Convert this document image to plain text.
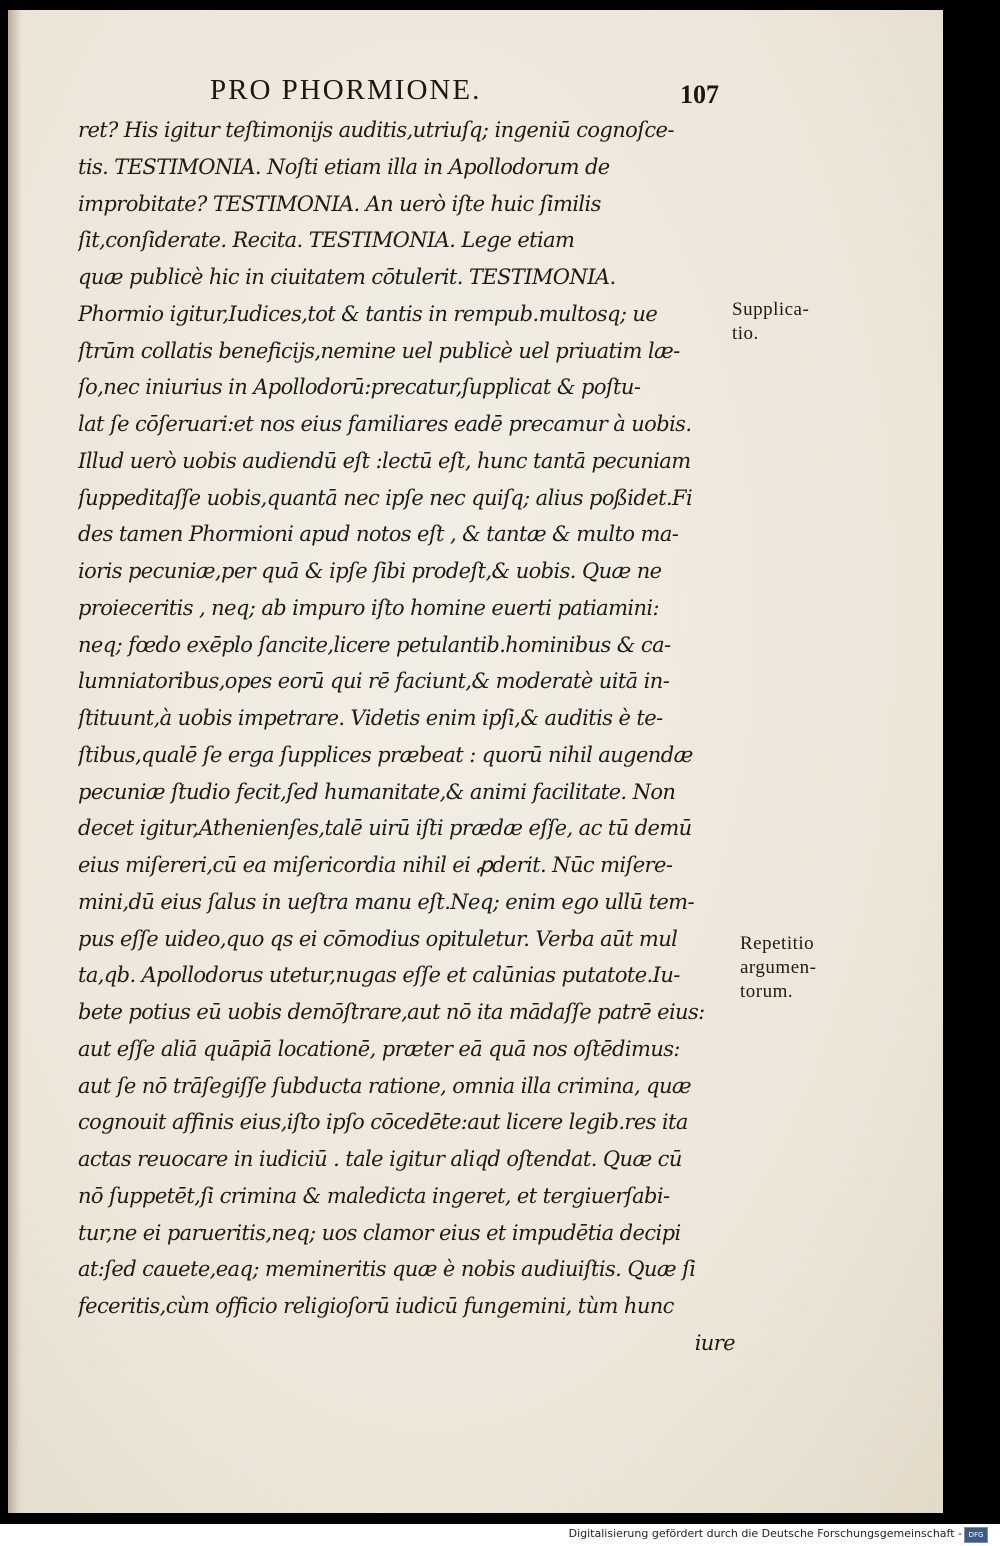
PRO PHORMIONE.	107
ret? His igitur teſtimonijs auditis,utriuſq; ingeniū cognoſce-
tis. TESTIMONIA. Noſti etiam illa in Apollodorum de
improbitate? TESTIMONIA. An uerò iſte huic ſimilis
ſit,conſiderate. Recita. TESTIMONIA. Lege etiam
quæ publicè hic in ciuitatem cōtulerit. TESTIMONIA.
Phormio igitur,Iudices,tot & tantis in rempub.multosq; ue
ſtrūm collatis beneficijs,nemine uel publicè uel priuatim læ-
ſo,nec iniurius in Apollodorū:precatur,ſupplicat & poſtu-
lat ſe cōſeruari:et nos eius familiares eadē precamur à uobis.
Illud uerò uobis audiendū eſt :lectū eſt, hunc tantā pecuniam
ſuppeditaſſe uobis,quantā nec ipſe nec quiſq; alius poßidet.Fi
des tamen Phormioni apud notos eſt , & tantæ & multo ma-
ioris pecuniæ,per quā & ipſe ſibi prodeſt,& uobis. Quæ ne
proieceritis , neq; ab impuro iſto homine euerti patiamini:
neq; fœdo exēplo ſancite,licere petulantib.hominibus & ca-
lumniatoribus,opes eorū qui rē faciunt,& moderatè uitā in-
ſtituunt,à uobis impetrare. Videtis enim ipſi,& auditis è te-
ſtibus,qualē ſe erga ſupplices præbeat : quorū nihil augendæ
pecuniæ ſtudio fecit,ſed humanitate,& animi facilitate. Non
decet igitur,Athenienſes,talē uirū iſti prædæ eſſe, ac tū demū
eius miſereri,cū ea miſericordia nihil ei ꝓderit. Nūc miſere-
mini,dū eius ſalus in ueſtra manu eſt.Neq; enim ego ullū tem-
pus eſſe uideo,quo qs ei cōmodius opituletur. Verba aūt mul
ta,qb. Apollodorus utetur,nugas eſſe et calūnias putatote.Iu-
bete potius eū uobis demōſtrare,aut nō ita mādaſſe patrē eius:
aut eſſe aliā quāpiā locationē, præter eā quā nos oſtēdimus:
aut ſe nō trāſegiſſe ſubducta ratione, omnia illa crimina, quæ
cognouit affinis eius,iſto ipſo cōcedēte:aut licere legib.res ita
actas reuocare in iudiciū . tale igitur aliqd oſtendat. Quæ cū
nō ſuppetēt,ſi crimina & maledicta ingeret, et tergiuerſabi-
tur,ne ei parueritis,neq; uos clamor eius et impudētia decipi
at:ſed cauete,eaq; memineritis quæ è nobis audiuiſtis. Quæ ſi
feceritis,cùm officio religioſorū iudicū fungemini, tùm hunc
iure
Supplica-
tio.
Repetitio
argumen-
torum.
Digitalisierung gefördert durch die Deutsche Forschungsgemeinschaft - DFG
